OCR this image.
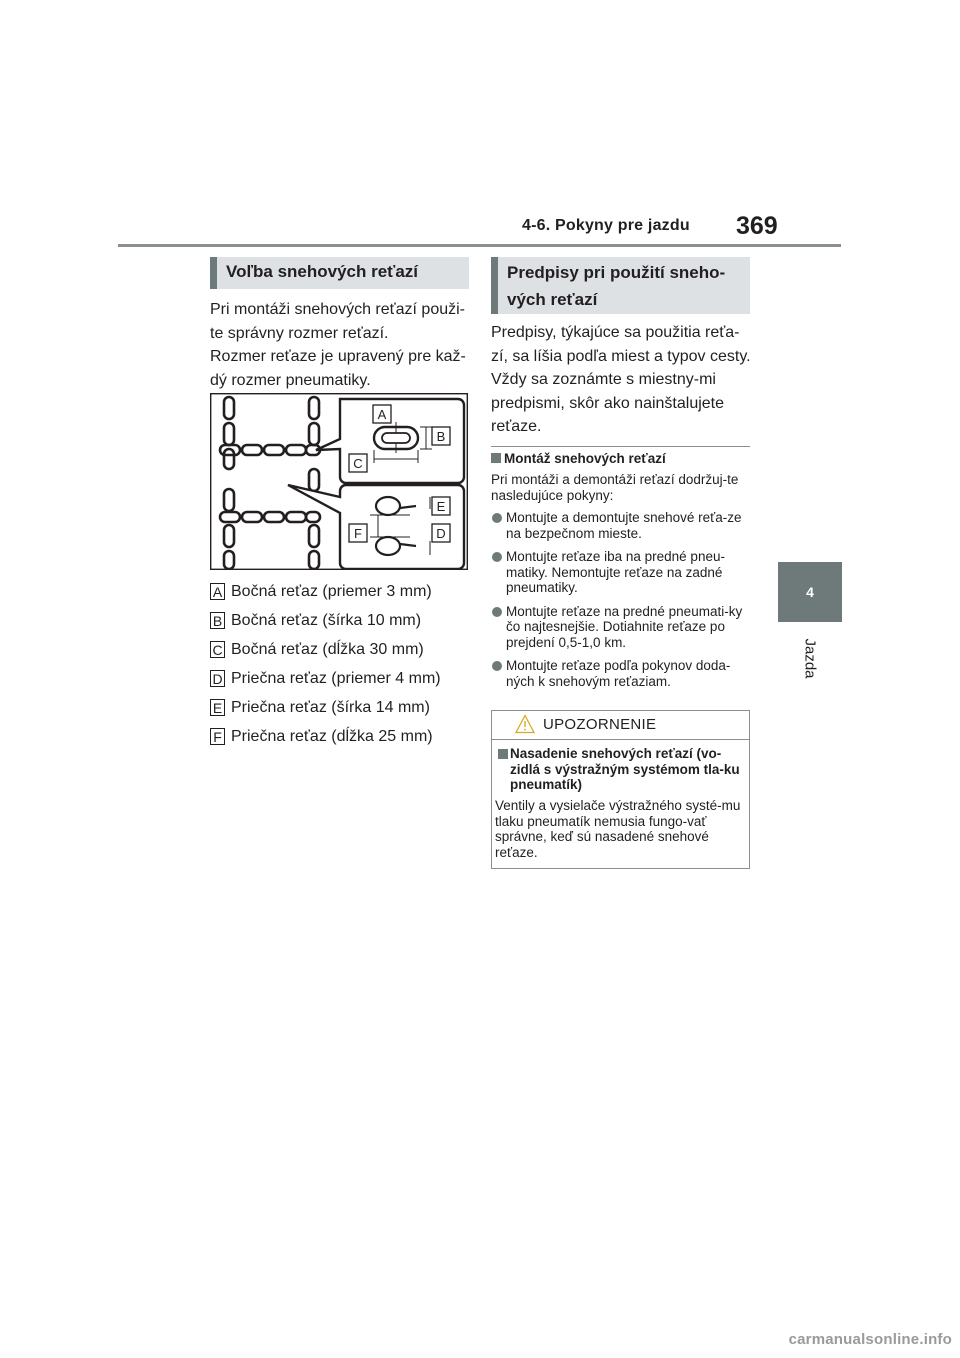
4-6. Pokyny pre jazdu 369
4
Jazda
Voľba snehových reťazí
Pri montáži snehových reťazí použi-te správny rozmer reťazí.
Rozmer reťaze je upravený pre kaž-dý rozmer pneumatiky.
A
B
C
D
E
F
A Bočná reťaz (priemer 3 mm)
B Bočná reťaz (šírka 10 mm)
C Bočná reťaz (dĺžka 30 mm)
D Priečna reťaz (priemer 4 mm)
E Priečna reťaz (šírka 14 mm)
F Priečna reťaz (dĺžka 25 mm)
Predpisy pri použití sneho-vých reťazí
Predpisy, týkajúce sa použitia reťa-zí, sa líšia podľa miest a typov cesty. Vždy sa zoznámte s miestny-mi predpismi, skôr ako nainštalujete reťaze.
Montáž snehových reťazí
Pri montáži a demontáži reťazí dodržuj-te nasledujúce pokyny:
Montujte a demontujte snehové reťa-ze na bezpečnom mieste.
Montujte reťaze iba na predné pneu-matiky. Nemontujte reťaze na zadné pneumatiky.
Montujte reťaze na predné pneumati-ky čo najtesnejšie. Dotiahnite reťaze po prejdení 0,5-1,0 km.
Montujte reťaze podľa pokynov doda-ných k snehovým reťaziam.
UPOZORNENIE
Nasadenie snehových reťazí (vo-zidlá s výstražným systémom tla-ku pneumatík)
Ventily a vysielače výstražného systé-mu tlaku pneumatík nemusia fungo-vať správne, keď sú nasadené snehové reťaze.
carmanualsonline.info
